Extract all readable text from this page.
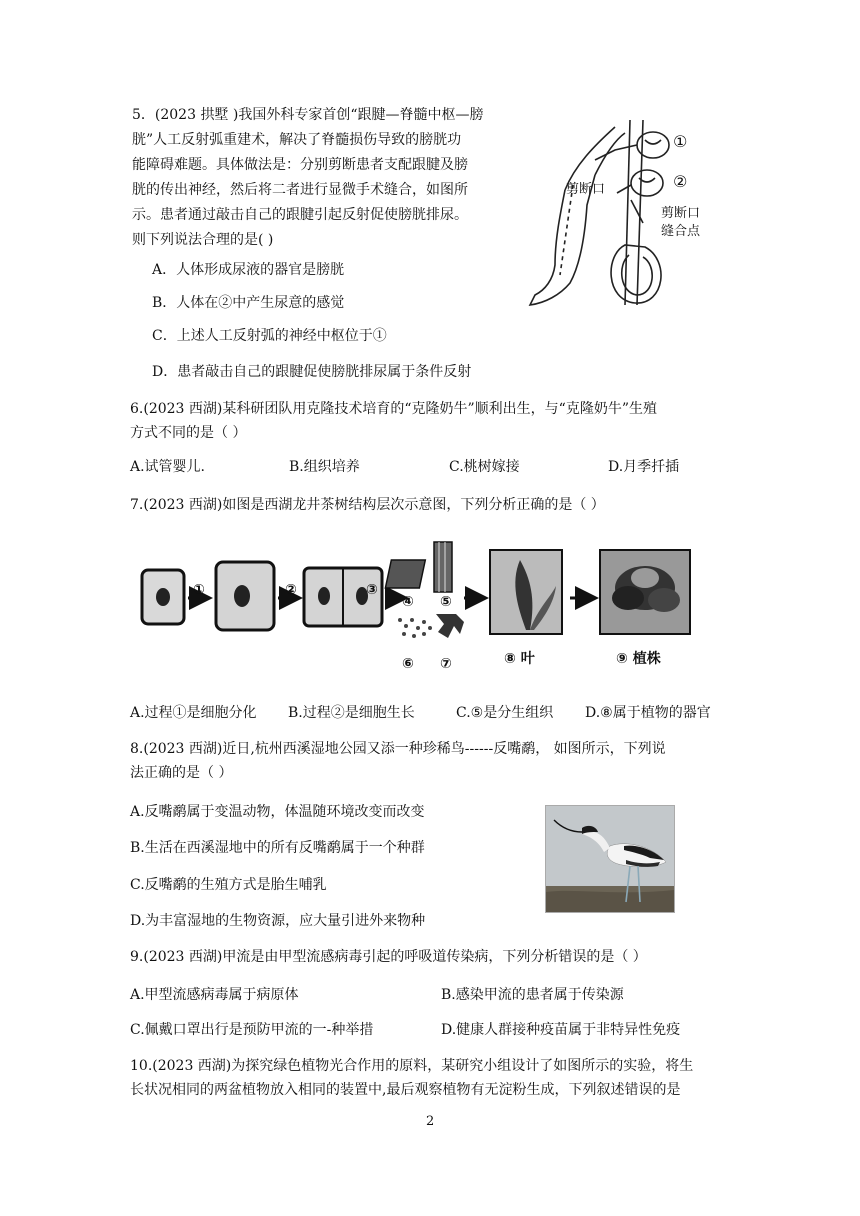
5．(2023 拱墅 )我国外科专家首创“跟腱—脊髓中枢—膀
胱”人工反射弧重建术，解决了脊髓损伤导致的膀胱功
能障碍难题。具体做法是：分别剪断患者支配跟腱及膀
胱的传出神经，然后将二者进行显微手术缝合，如图所
示。患者通过敲击自己的跟腱引起反射促使膀胱排尿。
则下列说法合理的是( )
A．人体形成尿液的器官是膀胱
B．人体在②中产生尿意的感觉
C．上述人工反射弧的神经中枢位于①
D．患者敲击自己的跟腱促使膀胱排尿属于条件反射
①
②
剪断口
剪断口
缝合点
6.(2023 西湖)某科研团队用克隆技术培育的“克隆奶牛”顺利出生，与“克隆奶牛”生殖
方式不同的是（ ）
A.试管婴儿.	B.组织培养	C.桃树嫁接	D.月季扦插
7.(2023 西湖)如图是西湖龙井茶树结构层次示意图，下列分析正确的是（ ）
①	②	③
④ ⑤
⑥ ⑦	⑧ 叶	⑨ 植株
A.过程①是细胞分化 B.过程②是细胞生长	C.⑤是分生组织 D.⑧属于植物的器官
8.(2023 西湖)近日,杭州西溪湿地公园又添一种珍稀鸟------反嘴鹬， 如图所示，下列说
法正确的是（ ）
A.反嘴鹬属于变温动物，体温随环境改变而改变
B.生活在西溪湿地中的所有反嘴鹬属于一个种群
C.反嘴鹬的生殖方式是胎生哺乳
D.为丰富湿地的生物资源，应大量引进外来物种
9.(2023 西湖)甲流是由甲型流感病毒引起的呼吸道传染病，下列分析错误的是（ ）
A.甲型流感病毒属于病原体	B.感染甲流的患者属于传染源
C.佩戴口罩出行是预防甲流的一-种举措	D.健康人群接种疫苗属于非特异性免疫
10.(2023 西湖)为探究绿色植物光合作用的原料，某研究小组设计了如图所示的实验，将生
长状况相同的两盆植物放入相同的装置中,最后观察植物有无淀粉生成，下列叙述错误的是
2
